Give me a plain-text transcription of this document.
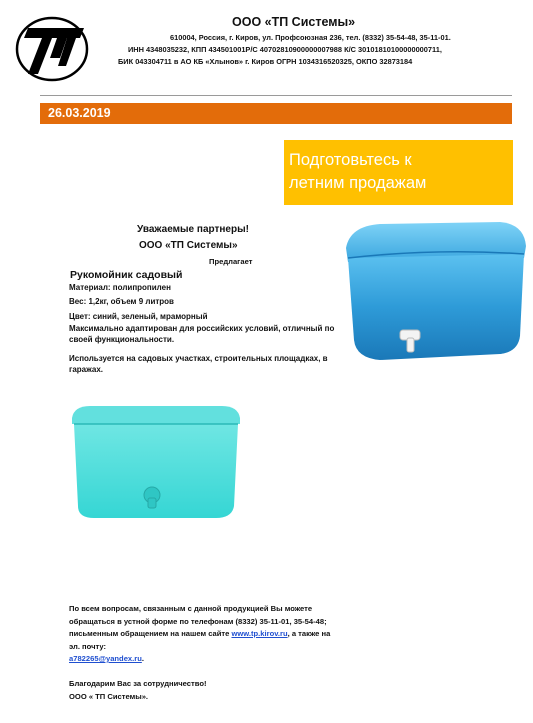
ООО «ТП Системы»
610004, Россия, г. Киров, ул. Профсоюзная 236, тел. (8332) 35-54-48, 35-11-01.
ИНН 4348035232, КПП 434501001Р/С 40702810900000007988 К/С 30101810100000000711,
БИК 043304711 в АО КБ «Хлынов» г. Киров ОГРН 1034316520325, ОКПО 32873184
26.03.2019
Подготовьтесь к
летним продажам
Уважаемые партнеры!
ООО «ТП Системы»
Предлагает
Рукомойник садовый
Материал: полипропилен
Вес: 1,2кг, объем 9 литров
Цвет: синий, зеленый, мраморный
Максимально адаптирован для российских условий, отличный по своей функциональности.
Используется на садовых участках, строительных площадках, в гаражах.
По всем вопросам, связанным с данной продукцией Вы можете обращаться в устной форме по телефонам (8332) 35-11-01, 35-54-48; письменным обращением на нашем сайте www.tp.kirov.ru, а также на эл. почту:
a782265@yandex.ru.
Благодарим Вас за сотрудничество!
ООО « ТП Системы».
